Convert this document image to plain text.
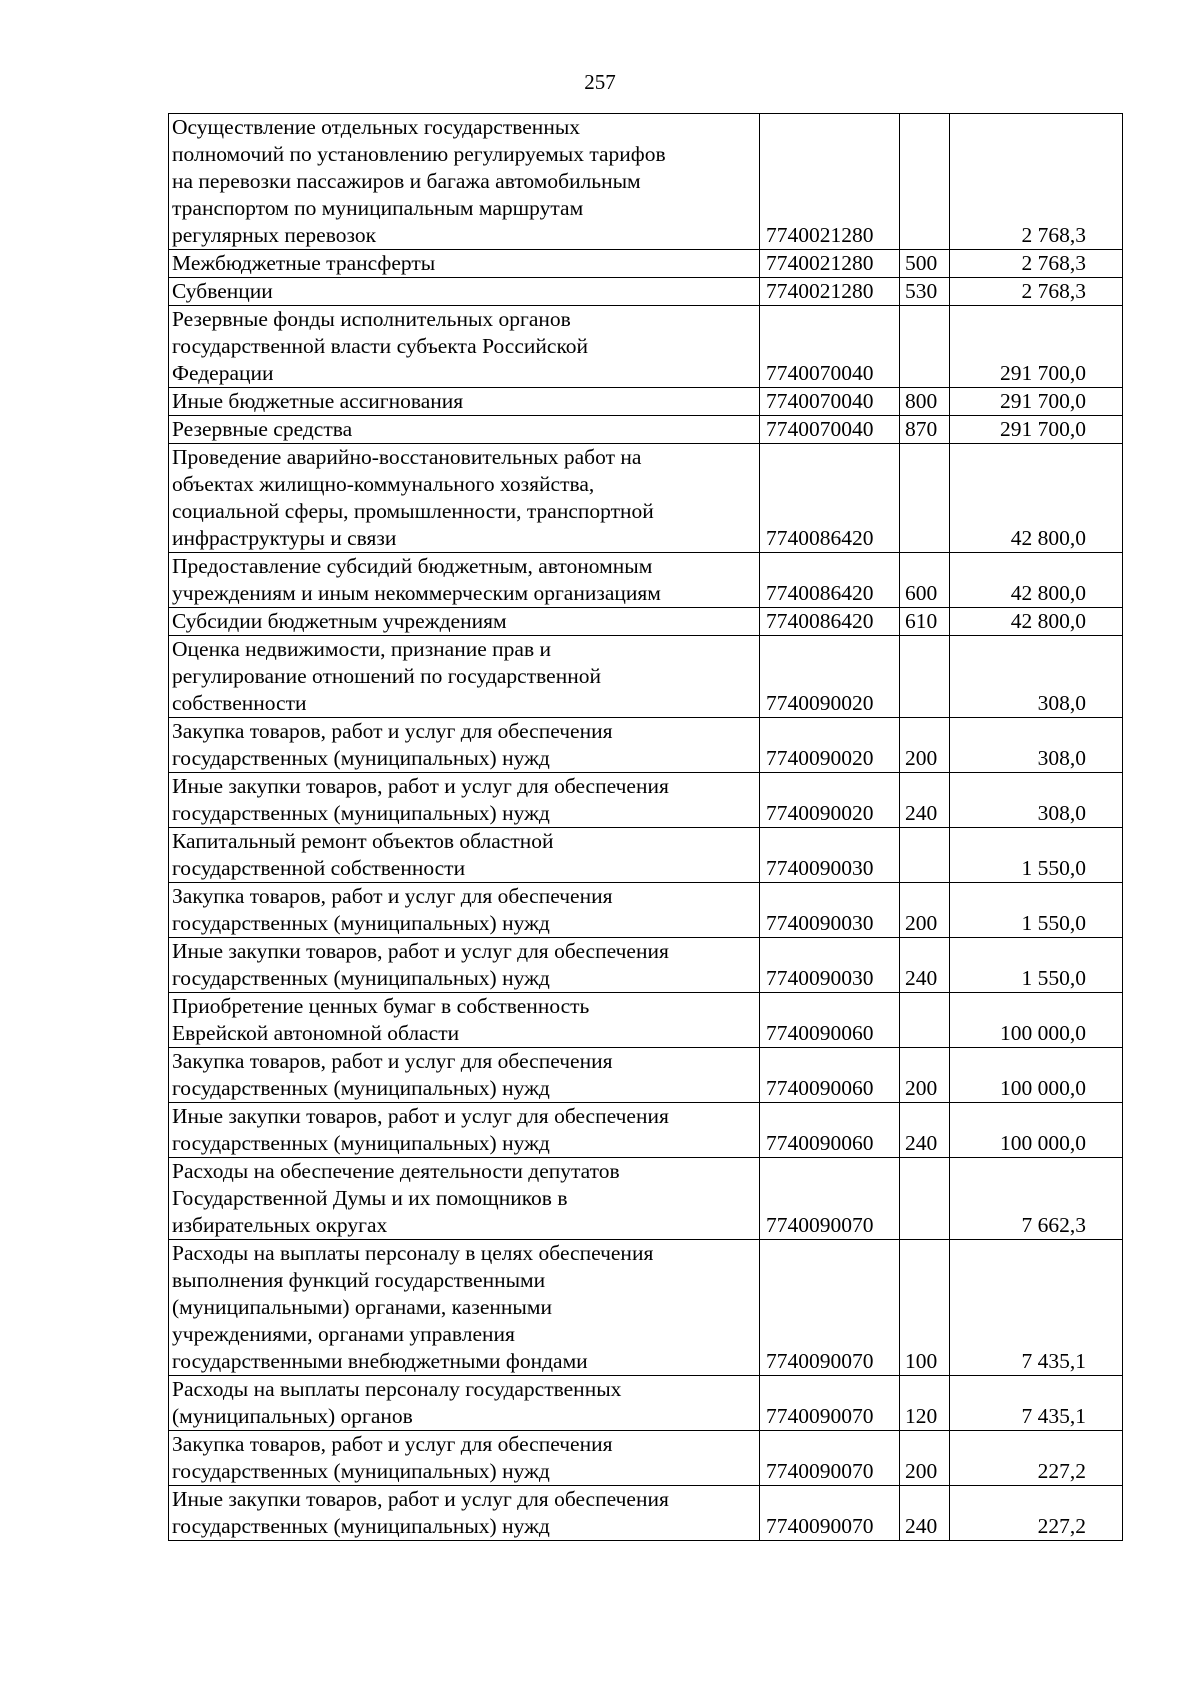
257
Осуществление отдельных государственных
полномочий по установлению регулируемых тарифов
на перевозки пассажиров и багажа автомобильным
транспортом по муниципальным маршрутам
регулярных перевозок	7740021280		2 768,3
Межбюджетные трансферты	7740021280	500	2 768,3
Субвенции	7740021280	530	2 768,3
Резервные фонды исполнительных органов
государственной власти субъекта Российской
Федерации	7740070040		291 700,0
Иные бюджетные ассигнования	7740070040	800	291 700,0
Резервные средства	7740070040	870	291 700,0
Проведение аварийно-восстановительных работ на
объектах жилищно-коммунального хозяйства,
социальной сферы, промышленности, транспортной
инфраструктуры и связи	7740086420		42 800,0
Предоставление субсидий бюджетным, автономным
учреждениям и иным некоммерческим организациям	7740086420	600	42 800,0
Субсидии бюджетным учреждениям	7740086420	610	42 800,0
Оценка недвижимости, признание прав и
регулирование отношений по государственной
собственности	7740090020		308,0
Закупка товаров, работ и услуг для обеспечения
государственных (муниципальных) нужд	7740090020	200	308,0
Иные закупки товаров, работ и услуг для обеспечения
государственных (муниципальных) нужд	7740090020	240	308,0
Капитальный ремонт объектов областной
государственной собственности	7740090030		1 550,0
Закупка товаров, работ и услуг для обеспечения
государственных (муниципальных) нужд	7740090030	200	1 550,0
Иные закупки товаров, работ и услуг для обеспечения
государственных (муниципальных) нужд	7740090030	240	1 550,0
Приобретение ценных бумаг в собственность
Еврейской автономной области	7740090060		100 000,0
Закупка товаров, работ и услуг для обеспечения
государственных (муниципальных) нужд	7740090060	200	100 000,0
Иные закупки товаров, работ и услуг для обеспечения
государственных (муниципальных) нужд	7740090060	240	100 000,0
Расходы на обеспечение деятельности депутатов
Государственной Думы и их помощников в
избирательных округах	7740090070		7 662,3
Расходы на выплаты персоналу в целях обеспечения
выполнения функций государственными
(муниципальными) органами, казенными
учреждениями, органами управления
государственными внебюджетными фондами	7740090070	100	7 435,1
Расходы на выплаты персоналу государственных
(муниципальных) органов	7740090070	120	7 435,1
Закупка товаров, работ и услуг для обеспечения
государственных (муниципальных) нужд	7740090070	200	227,2
Иные закупки товаров, работ и услуг для обеспечения
государственных (муниципальных) нужд	7740090070	240	227,2
